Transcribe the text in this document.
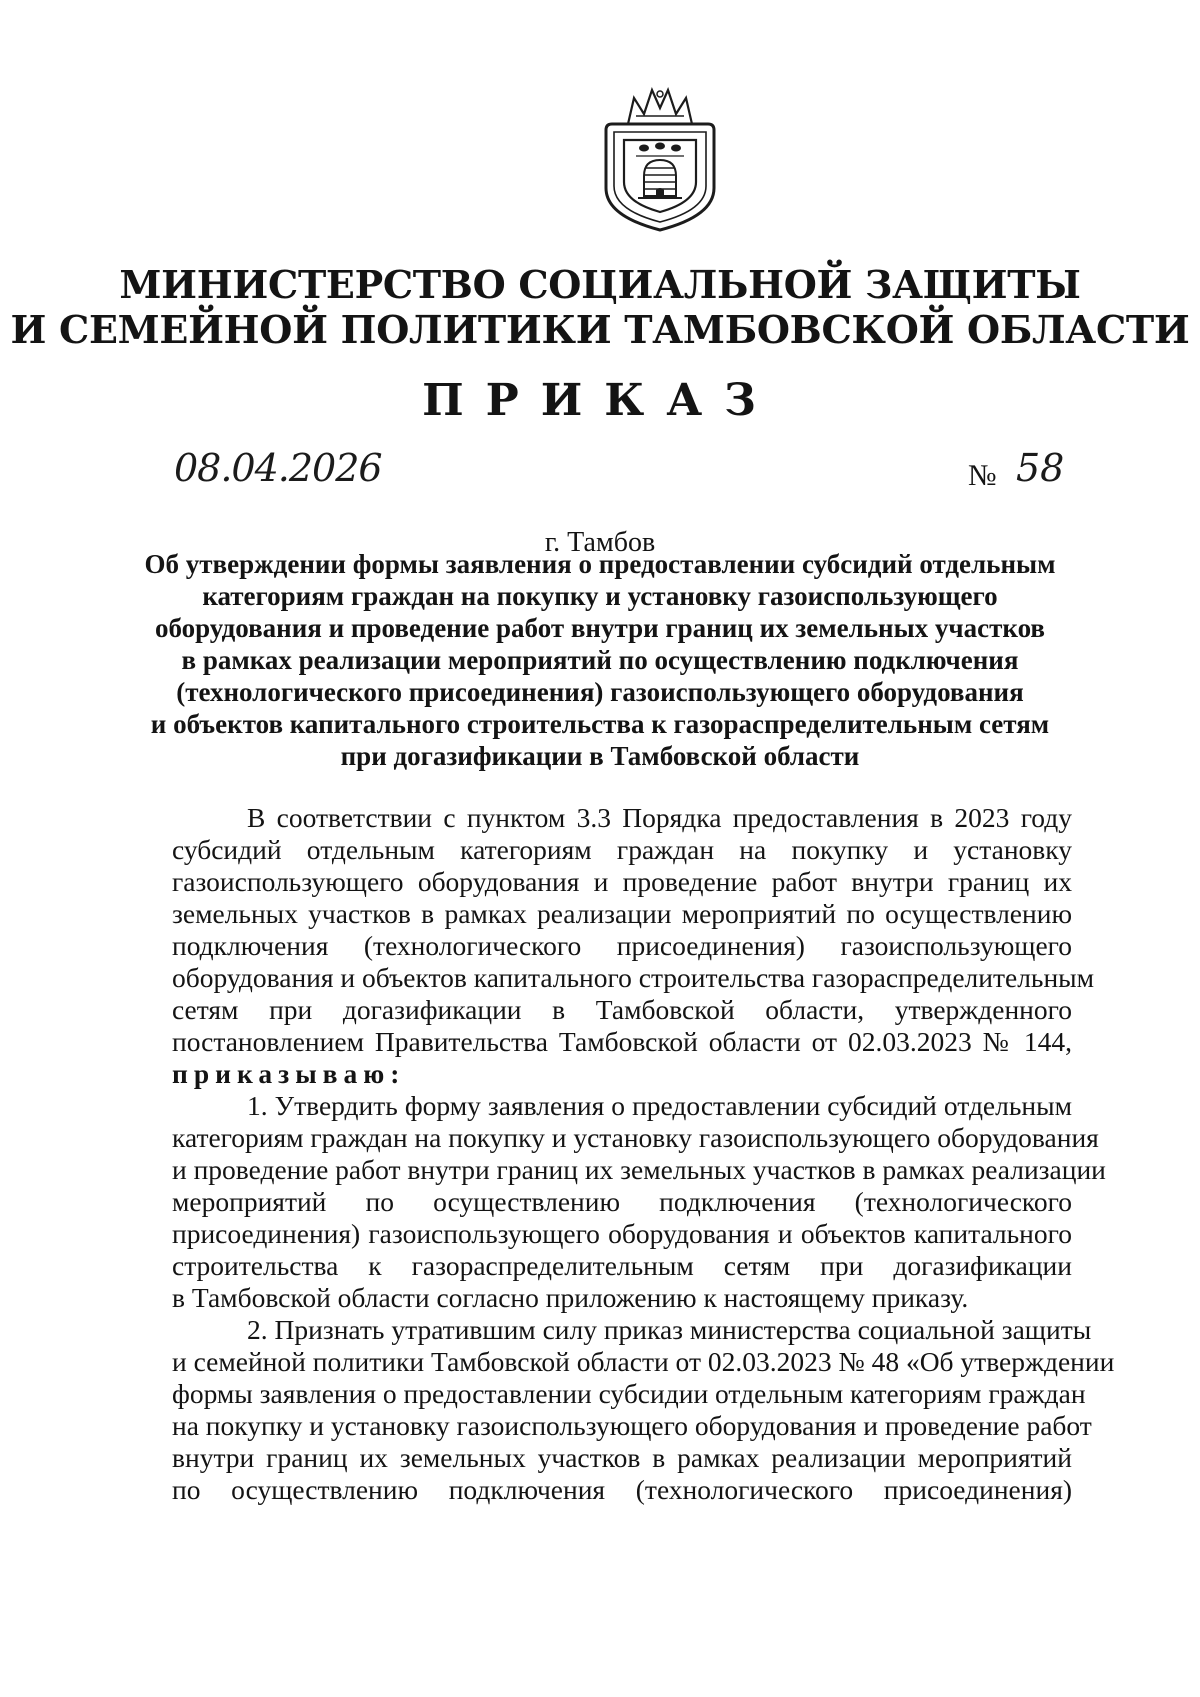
МИНИСТЕРСТВО СОЦИАЛЬНОЙ ЗАЩИТЫ
И СЕМЕЙНОЙ ПОЛИТИКИ ТАМБОВСКОЙ ОБЛАСТИ
ПРИКАЗ
08.04.2026	№ 58
г. Тамбов
Об утверждении формы заявления о предоставлении субсидий отдельным
категориям граждан на покупку и установку газоиспользующего
оборудования и проведение работ внутри границ их земельных участков
в рамках реализации мероприятий по осуществлению подключения
(технологического присоединения) газоиспользующего оборудования
и объектов капитального строительства к газораспределительным сетям
при догазификации в Тамбовской области
В соответствии с пунктом 3.3 Порядка предоставления в 2023 году
субсидий отдельным категориям граждан на покупку и установку
газоиспользующего оборудования и проведение работ внутри границ их
земельных участков в рамках реализации мероприятий по осуществлению
подключения (технологического присоединения) газоиспользующего
оборудования и объектов капитального строительства газораспределительным
сетям при догазификации в Тамбовской области, утвержденного
постановлением Правительства Тамбовской области от 02.03.2023 № 144,
приказываю:
1. Утвердить форму заявления о предоставлении субсидий отдельным
категориям граждан на покупку и установку газоиспользующего оборудования
и проведение работ внутри границ их земельных участков в рамках реализации
мероприятий по осуществлению подключения (технологического
присоединения) газоиспользующего оборудования и объектов капитального
строительства к газораспределительным сетям при догазификации
в Тамбовской области согласно приложению к настоящему приказу.
2. Признать утратившим силу приказ министерства социальной защиты
и семейной политики Тамбовской области от 02.03.2023 № 48 «Об утверждении
формы заявления о предоставлении субсидии отдельным категориям граждан
на покупку и установку газоиспользующего оборудования и проведение работ
внутри границ их земельных участков в рамках реализации мероприятий
по осуществлению подключения (технологического присоединения)
